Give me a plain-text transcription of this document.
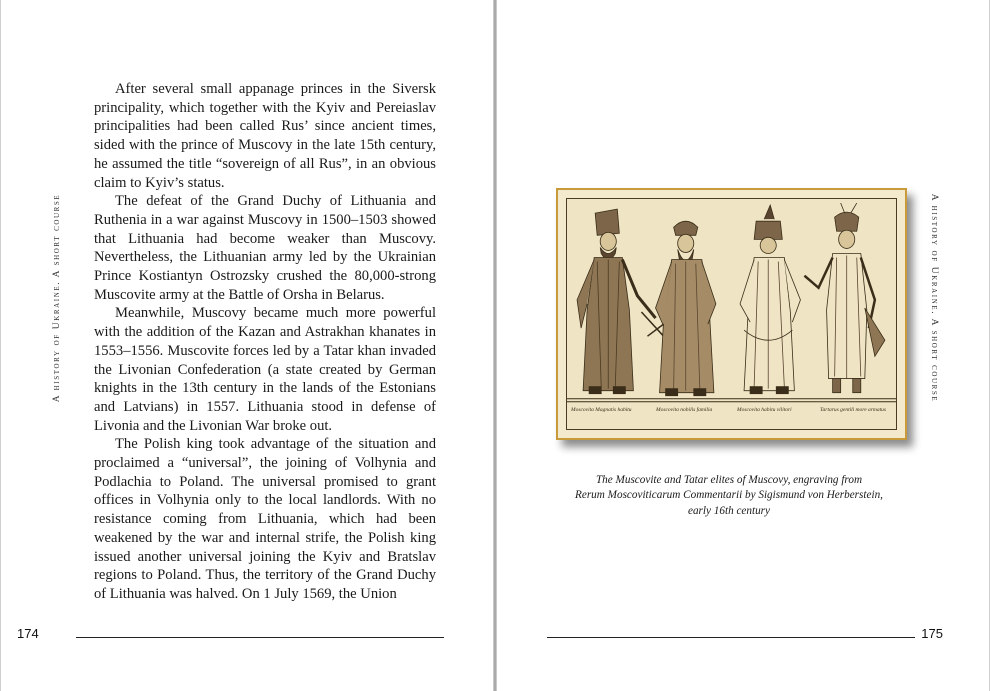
A history of Ukraine. A short course

After several small appanage princes in the Siversk principality, which together with the Kyiv and Pereiaslav principalities had been called Rus’ since ancient times, sided with the prince of Muscovy in the late 15th century, he assumed the title “sovereign of all Rus”, in an obvious claim to Kyiv’s status.

The defeat of the Grand Duchy of Lithuania and Ruthenia in a war against Muscovy in 1500–1503 showed that Lithuania had become weaker than Muscovy. Nevertheless, the Lithuanian army led by the Ukrainian Prince Kostiantyn Ostrozsky crushed the 80,000-strong Muscovite army at the Battle of Orsha in Belarus.

Meanwhile, Muscovy became much more powerful with the addition of the Kazan and Astrakhan khanates in 1553–1556. Muscovite forces led by a Tatar khan invaded the Livonian Confederation (a state created by German knights in the 13th century in the lands of the Estonians and Latvians) in 1557. Lithuania stood in defense of Livonia and the Livonian War broke out.

The Polish king took advantage of the situation and proclaimed a “universal”, the joining of Volhynia and Podlachia to Poland. The universal promised to grant offices in Volhynia only to the local landlords. With no resistance coming from Lithuania, which had been weakened by the war and internal strife, the Polish king issued another universal joining the Kyiv and Bratslav regions to Poland. Thus, the territory of the Grand Duchy of Lithuania was halved. On 1 July 1569, the Union

174
Moscovita Magnatis habitu	Moscovita nobilis familia	Moscovita habitu vilitori	Tartarus gentili more armatus
The Muscovite and Tatar elites of Muscovy, engraving from
Rerum Moscoviticarum Commentarii by Sigismund von Herberstein,
early 16th century
A history of Ukraine. A short course
175
